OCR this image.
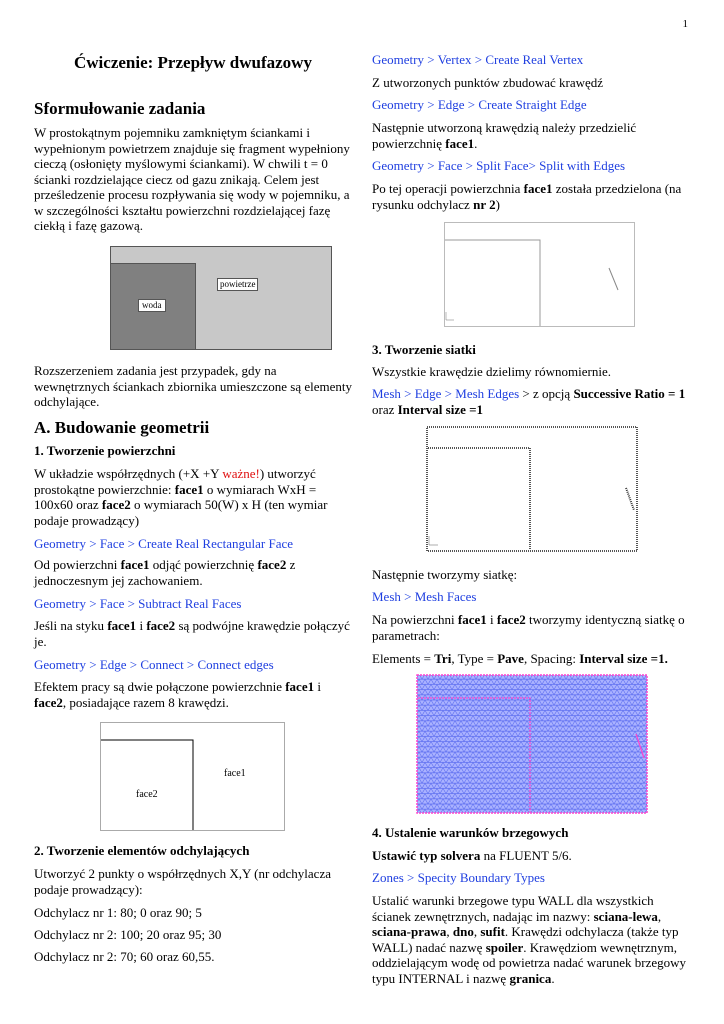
1
Ćwiczenie: Przepływ dwufazowy
Sformułowanie zadania

W prostokątnym pojemniku zamkniętym ściankami i wypełnionym powietrzem znajduje się fragment wypełniony cieczą (osłonięty myślowymi ściankami). W chwili t = 0 ścianki rozdzielające ciecz od gazu znikają. Celem jest prześledzenie procesu rozpływania się wody w pojemniku, a w szczególności kształtu powierzchni rozdzielającej fazę ciekłą i fazę gazową.

powietrze
woda

Rozszerzeniem zadania jest przypadek, gdy na wewnętrznych ściankach zbiornika umieszczone są elementy odchylające.

A. Budowanie geometrii
1. Tworzenie powierzchni

W układzie współrzędnych (+X +Y ważne!) utworzyć prostokątne powierzchnie: face1 o wymiarach WxH = 100x60 oraz face2 o wymiarach 50(W) x H (ten wymiar podaje prowadzący)

Geometry > Face > Create Real Rectangular Face

Od powierzchni face1 odjąć powierzchnię face2 z jednoczesnym jej zachowaniem.

Geometry > Face > Subtract Real Faces

Jeśli na styku face1 i face2 są podwójne krawędzie połączyć je.

Geometry > Edge > Connect > Connect edges

Efektem pracy są dwie połączone powierzchnie face1 i face2, posiadające razem 8 krawędzi.

face1
face2
2. Tworzenie elementów odchylających

Utworzyć 2 punkty o współrzędnych X,Y (nr odchylacza podaje prowadzący):

Odchylacz nr 1: 80; 0 oraz 90; 5

Odchylacz nr 2: 100; 20 oraz 95; 30

Odchylacz nr 2: 70; 60 oraz 60,55.

Geometry > Vertex > Create Real Vertex

Z utworzonych punktów zbudować krawędź

Geometry > Edge > Create Straight Edge

Następnie utworzoną krawędzią należy przedzielić powierzchnię face1.

Geometry > Face > Split Face> Split with Edges

Po tej operacji powierzchnia face1 została przedzielona (na rysunku odchylacz nr 2)

3. Tworzenie siatki

Wszystkie krawędzie dzielimy równomiernie.

Mesh > Edge > Mesh Edges > z opcją Successive Ratio = 1 oraz Interval size =1

Następnie tworzymy siatkę:

Mesh > Mesh Faces

Na powierzchni face1 i face2 tworzymy identyczną siatkę o parametrach:

Elements = Tri, Type = Pave, Spacing: Interval size =1.

4. Ustalenie warunków brzegowych

Ustawić typ solvera na FLUENT 5/6.

Zones > Specity Boundary Types

Ustalić warunki brzegowe typu WALL dla wszystkich ścianek zewnętrznych, nadając im nazwy: sciana-lewa, sciana-prawa, dno, sufit. Krawędzi odchylacza (także typ WALL) nadać nazwę spoiler. Krawędziom wewnętrznym, oddzielającym wodę od powietrza nadać warunek brzegowy typu INTERNAL i nazwę granica.
